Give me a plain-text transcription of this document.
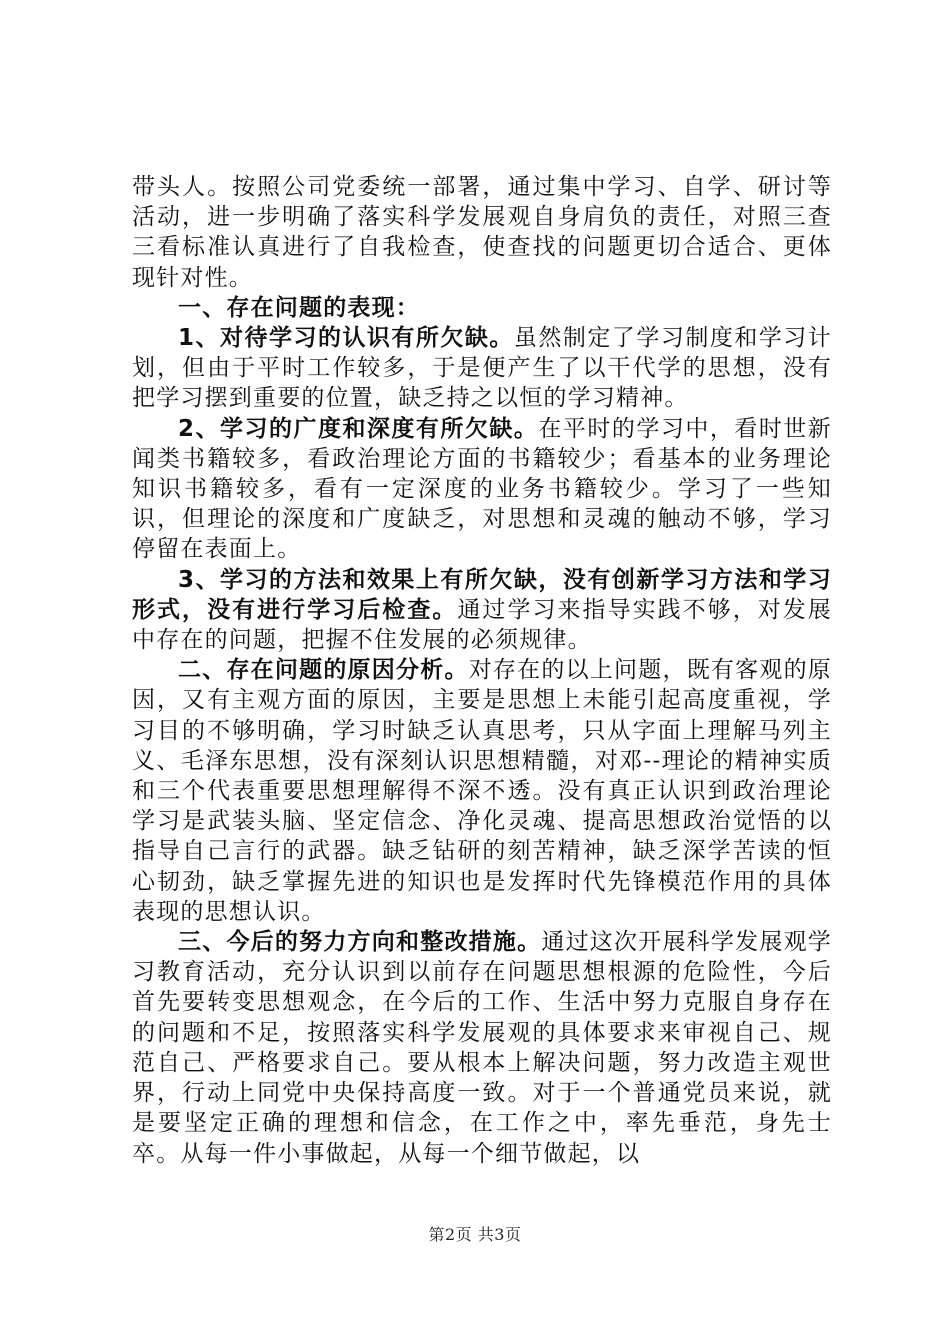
带头人。按照公司党委统一部署，通过集中学习、自学、研讨等活动，进一步明确了落实科学发展观自身肩负的责任，对照三查三看标准认真进行了自我检查，使查找的问题更切合适合、更体现针对性。

一、存在问题的表现：

1、对待学习的认识有所欠缺。虽然制定了学习制度和学习计划，但由于平时工作较多，于是便产生了以干代学的思想，没有把学习摆到重要的位置，缺乏持之以恒的学习精神。

2、学习的广度和深度有所欠缺。在平时的学习中，看时世新闻类书籍较多，看政治理论方面的书籍较少；看基本的业务理论知识书籍较多，看有一定深度的业务书籍较少。学习了一些知识，但理论的深度和广度缺乏，对思想和灵魂的触动不够，学习停留在表面上。

3、学习的方法和效果上有所欠缺，没有创新学习方法和学习形式，没有进行学习后检查。通过学习来指导实践不够，对发展中存在的问题，把握不住发展的必须规律。

二、存在问题的原因分析。对存在的以上问题，既有客观的原因，又有主观方面的原因，主要是思想上未能引起高度重视，学习目的不够明确，学习时缺乏认真思考，只从字面上理解马列主义、毛泽东思想，没有深刻认识思想精髓，对邓--理论的精神实质和三个代表重要思想理解得不深不透。没有真正认识到政治理论学习是武装头脑、坚定信念、净化灵魂、提高思想政治觉悟的以指导自己言行的武器。缺乏钻研的刻苦精神，缺乏深学苦读的恒心韧劲，缺乏掌握先进的知识也是发挥时代先锋模范作用的具体表现的思想认识。

三、今后的努力方向和整改措施。通过这次开展科学发展观学习教育活动，充分认识到以前存在问题思想根源的危险性，今后首先要转变思想观念，在今后的工作、生活中努力克服自身存在的问题和不足，按照落实科学发展观的具体要求来审视自己、规范自己、严格要求自己。要从根本上解决问题，努力改造主观世界，行动上同党中央保持高度一致。对于一个普通党员来说，就是要坚定正确的理想和信念，在工作之中，率先垂范，身先士卒。从每一件小事做起，从每一个细节做起，以

第2页 共3页
